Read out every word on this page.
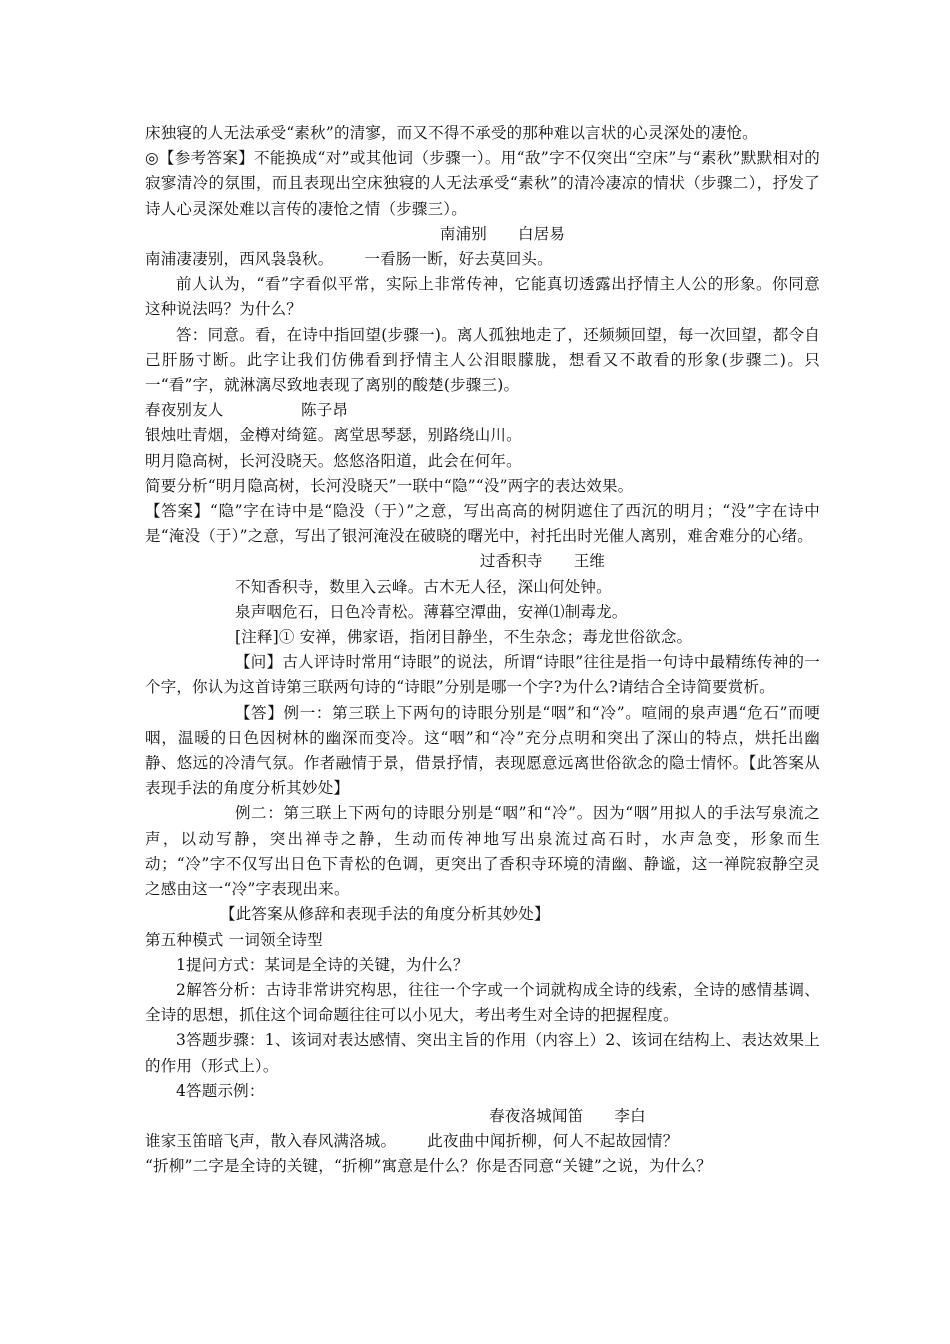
床独寝的人无法承受“素秋”的清寥，而又不得不承受的那种难以言状的心灵深处的凄怆。

◎【参考答案】不能换成“对”或其他词（步骤一）。用“敌”字不仅突出“空床”与“素秋”默默相对的寂寥清冷的氛围，而且表现出空床独寝的人无法承受“素秋”的清冷凄凉的情状（步骤二），抒发了诗人心灵深处难以言传的凄怆之情（步骤三）。

南浦别 白居易

南浦凄凄别，西风袅袅秋。 一看肠一断，好去莫回头。

前人认为，“看”字看似平常，实际上非常传神，它能真切透露出抒情主人公的形象。你同意这种说法吗？为什么？

答：同意。看，在诗中指回望(步骤一)。离人孤独地走了，还频频回望，每一次回望，都令自己肝肠寸断。此字让我们仿佛看到抒情主人公泪眼朦胧，想看又不敢看的形象(步骤二)。只一“看”字，就淋漓尽致地表现了离别的酸楚(步骤三)。

春夜别友人	陈子昂

银烛吐青烟，金樽对绮筵。离堂思琴瑟，别路绕山川。

明月隐高树，长河没晓天。悠悠洛阳道，此会在何年。

简要分析“明月隐高树，长河没晓天”一联中“隐”“没”两字的表达效果。

【答案】“隐”字在诗中是“隐没（于）”之意，写出高高的树阴遮住了西沉的明月；“没”字在诗中是“淹没（于）”之意，写出了银河淹没在破晓的曙光中，衬托出时光催人离别，难舍难分的心绪。

过香积寺 王维

不知香积寺，数里入云峰。古木无人径，深山何处钟。

泉声咽危石，日色冷青松。薄暮空潭曲，安禅⑴制毒龙。

[注释]① 安禅，佛家语，指闭目静坐，不生杂念；毒龙世俗欲念。

【问】古人评诗时常用“诗眼”的说法，所谓“诗眼”往往是指一句诗中最精练传神的一个字，你认为这首诗第三联两句诗的“诗眼”分别是哪一个字?为什么?请结合全诗简要赏析。

【答】例一：第三联上下两句的诗眼分别是“咽”和“冷”。喧闹的泉声遇“危石”而哽咽，温暖的日色因树林的幽深而变冷。这“咽”和“冷”充分点明和突出了深山的特点，烘托出幽静、悠远的冷清气氛。作者融情于景，借景抒情，表现愿意远离世俗欲念的隐士情怀。【此答案从表现手法的角度分析其妙处】

例二：第三联上下两句的诗眼分别是“咽”和“冷”。因为“咽”用拟人的手法写泉流之声，以动写静，突出禅寺之静，生动而传神地写出泉流过高石时，水声急变，形象而生动；“冷”字不仅写出日色下青松的色调，更突出了香积寺环境的清幽、静谧，这一禅院寂静空灵之感由这一“冷”字表现出来。

【此答案从修辞和表现手法的角度分析其妙处】

第五种模式 一词领全诗型

1提问方式：某词是全诗的关键，为什么？

2解答分析：古诗非常讲究构思，往往一个字或一个词就构成全诗的线索，全诗的感情基调、全诗的思想，抓住这个词命题往往可以小见大，考出考生对全诗的把握程度。

3答题步骤：1、该词对表达感情、突出主旨的作用（内容上）2、该词在结构上、表达效果上的作用（形式上）。

4答题示例：

春夜洛城闻笛 李白

谁家玉笛暗飞声，散入春风满洛城。 此夜曲中闻折柳，何人不起故园情？

“折柳”二字是全诗的关键，“折柳”寓意是什么？你是否同意“关键”之说，为什么？
